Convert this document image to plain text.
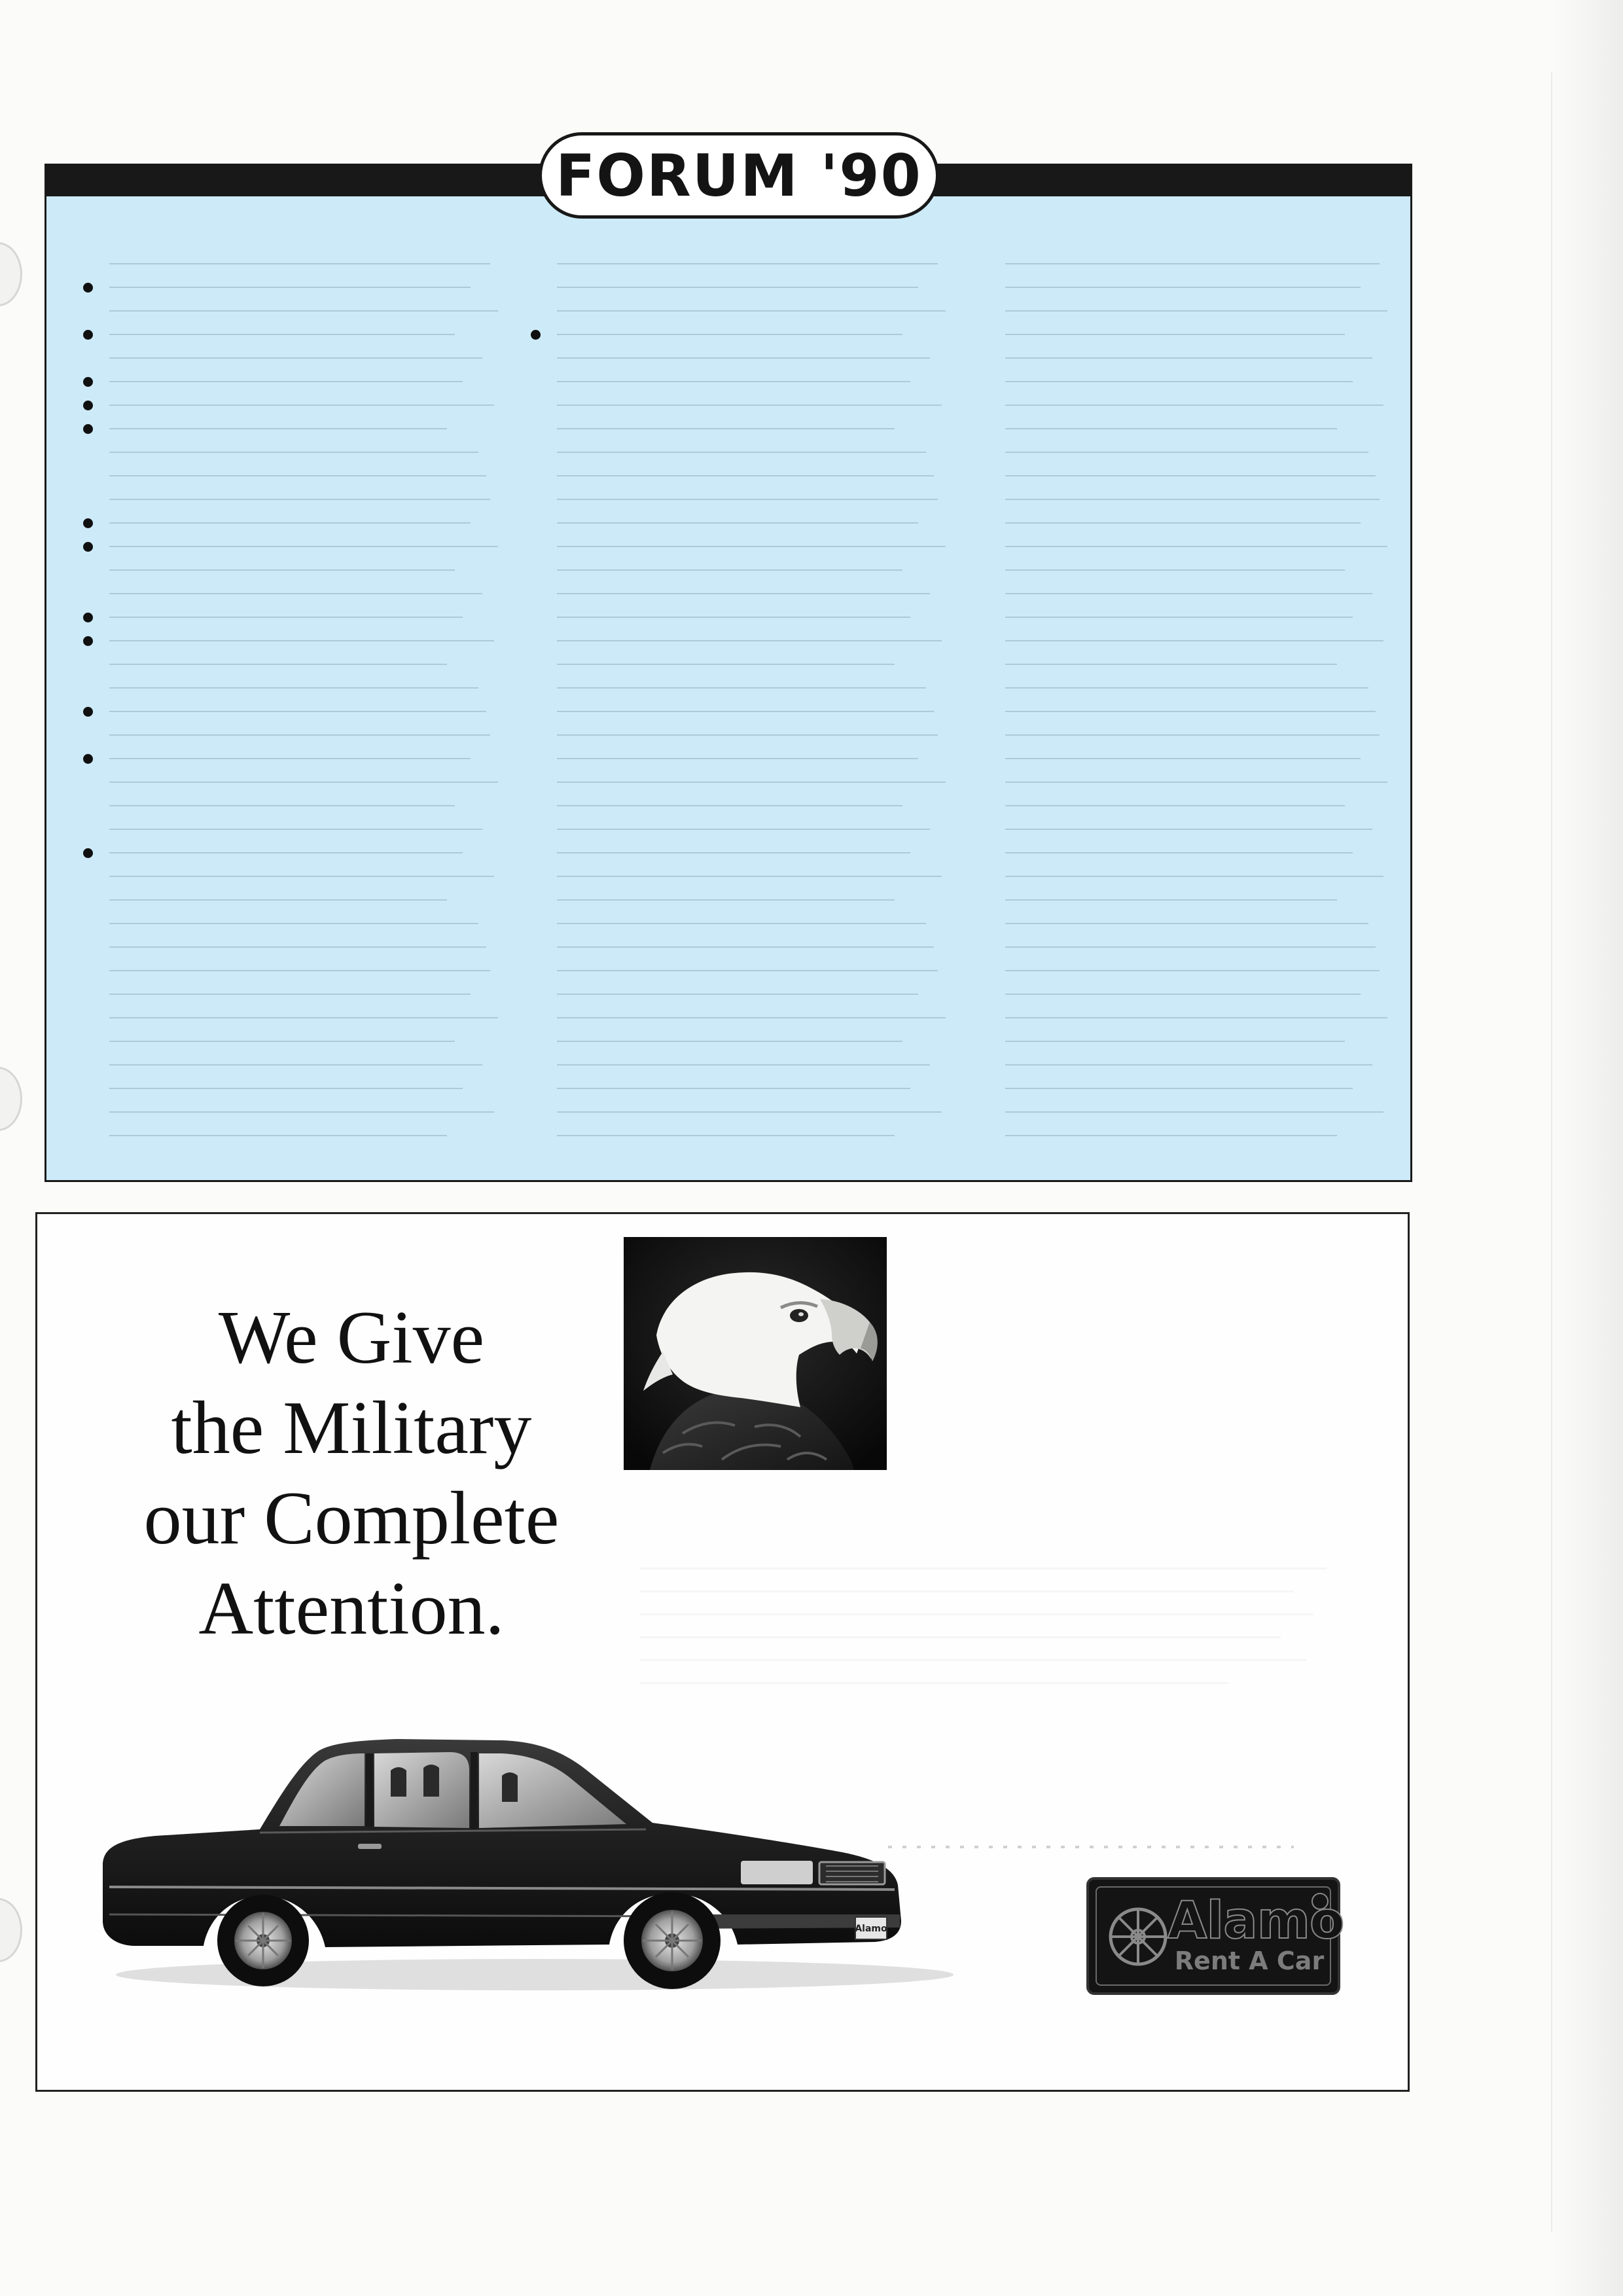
FORUM '90
We Give
the Military
our Complete
Attention.
Alamo	Alamo
Rent A Car
